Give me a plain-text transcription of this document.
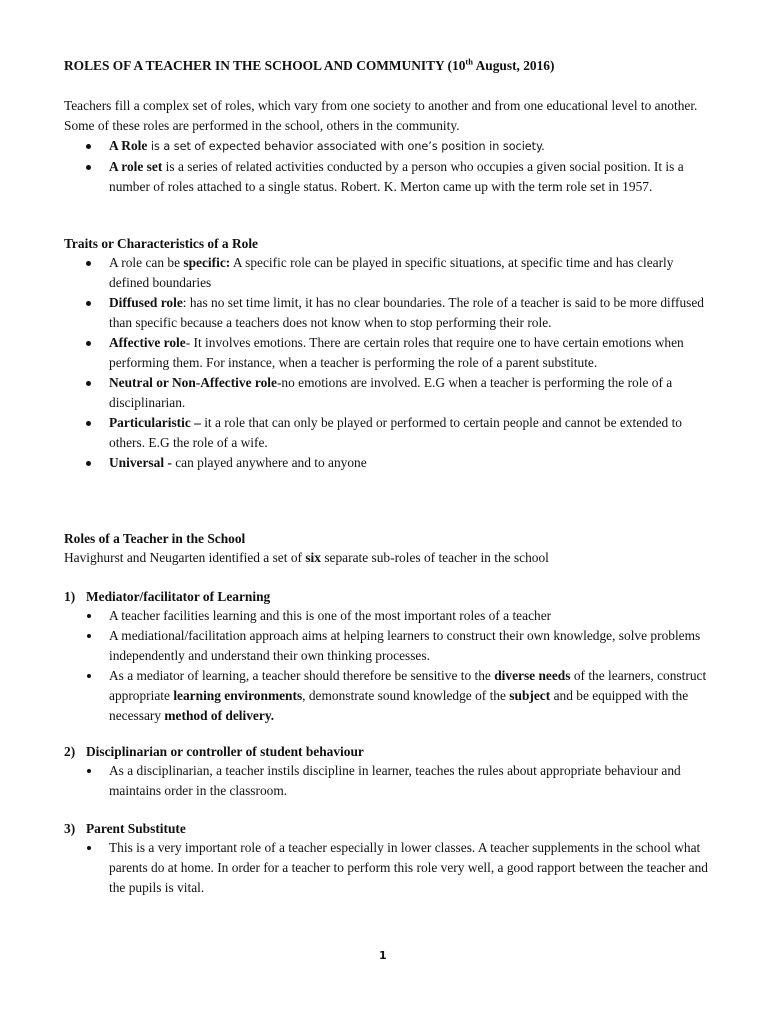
ROLES OF A TEACHER IN THE SCHOOL AND COMMUNITY (10th August, 2016)
Teachers fill a complex set of roles, which vary from one society to another and from one educational level to another. Some of these roles are performed in the school, others in the community.
A Role is a set of expected behavior associated with one’s position in society.
A role set is a series of related activities conducted by a person who occupies a given social position. It is a number of roles attached to a single status. Robert. K. Merton came up with the term role set in 1957.
Traits or Characteristics of a Role
A role can be specific: A specific role can be played in specific situations, at specific time and has clearly defined boundaries
Diffused role: has no set time limit, it has no clear boundaries. The role of a teacher is said to be more diffused than specific because a teachers does not know when to stop performing their role.
Affective role- It involves emotions. There are certain roles that require one to have certain emotions when performing them. For instance, when a teacher is performing the role of a parent substitute.
Neutral or Non-Affective role-no emotions are involved. E.G when a teacher is performing the role of a disciplinarian.
Particularistic – it a role that can only be played or performed to certain people and cannot be extended to others. E.G the role of a wife.
Universal - can played anywhere and to anyone
Roles of a Teacher in the School
Havighurst and Neugarten identified a set of six separate sub-roles of teacher in the school
1) Mediator/facilitator of Learning
A teacher facilities learning and this is one of the most important roles of a teacher
A mediational/facilitation approach aims at helping learners to construct their own knowledge, solve problems independently and understand their own thinking processes.
As a mediator of learning, a teacher should therefore be sensitive to the diverse needs of the learners, construct appropriate learning environments, demonstrate sound knowledge of the subject and be equipped with the necessary method of delivery.
2) Disciplinarian or controller of student behaviour
As a disciplinarian, a teacher instils discipline in learner, teaches the rules about appropriate behaviour and maintains order in the classroom.
3) Parent Substitute
This is a very important role of a teacher especially in lower classes. A teacher supplements in the school what parents do at home. In order for a teacher to perform this role very well, a good rapport between the teacher and the pupils is vital.
1
